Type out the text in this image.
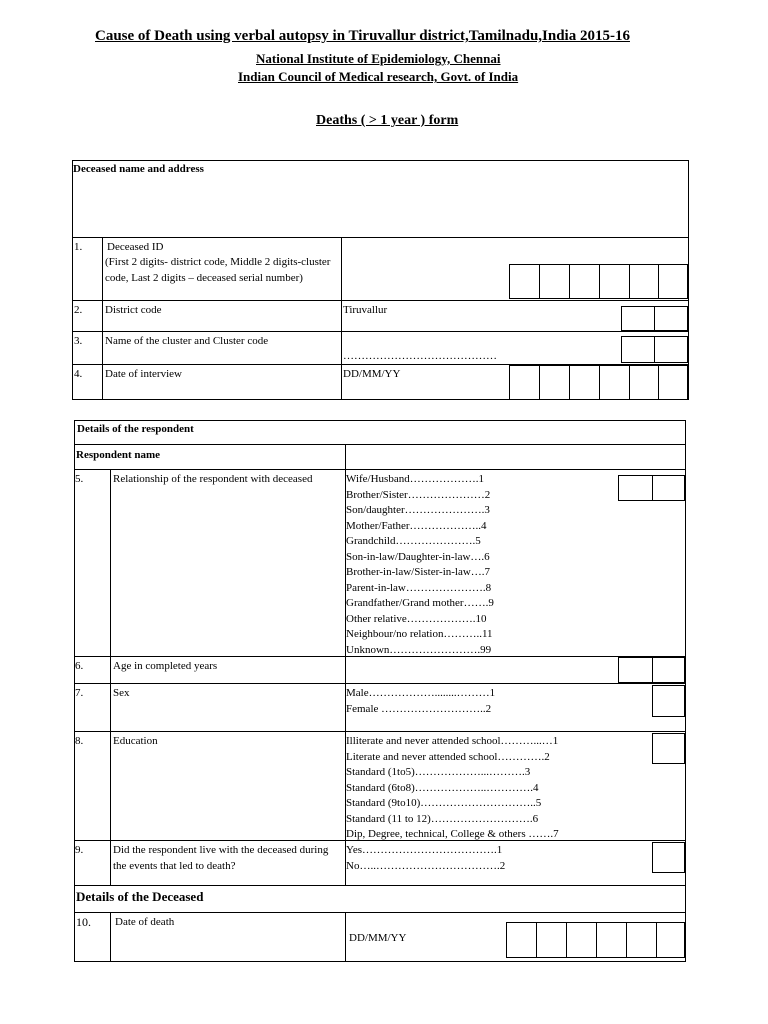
Cause of Death using verbal autopsy in Tiruvallur district,Tamilnadu,India 2015-16
National Institute of Epidemiology, Chennai
Indian Council of Medical research, Govt. of India
Deaths ( > 1 year ) form
Deceased name and address
1. Deceased ID
(First 2 digits- district code, Middle 2 digits-cluster code, Last 2 digits – deceased serial number)
2. District code	Tiruvallur
3. Name of the cluster and Cluster code
……………………………………
4. Date of interview	DD/MM/YY
Details of the respondent
Respondent name
5.	Relationship of the respondent with deceased	Wife/Husband……………….1
Brother/Sister…………………2
Son/daughter………………….3
Mother/Father………………..4
Grandchild………………….5
Son-in-law/Daughter-in-law….6
Brother-in-law/Sister-in-law….7
Parent-in-law………………….8
Grandfather/Grand mother…….9
Other relative……………….10
Neighbour/no relation………..11
Unknown…………………….99
6.	Age in completed years
7.	Sex	Male………………........………1
Female ………………………..2
8.	Education	Illiterate and never attended school………...…1
Literate and never attended school………….2
Standard (1to5)………………...……….3
Standard (6to8)………………..………….4
Standard (9to10)…………………………..5
Standard (11 to 12)……………………….6
Dip, Degree, technical, College & others …….7
9.	Did the respondent live with the deceased during the events that led to death?
Yes……………………………….1
No…..…………………………….2
Details of the Deceased
10. Date of death
DD/MM/YY
